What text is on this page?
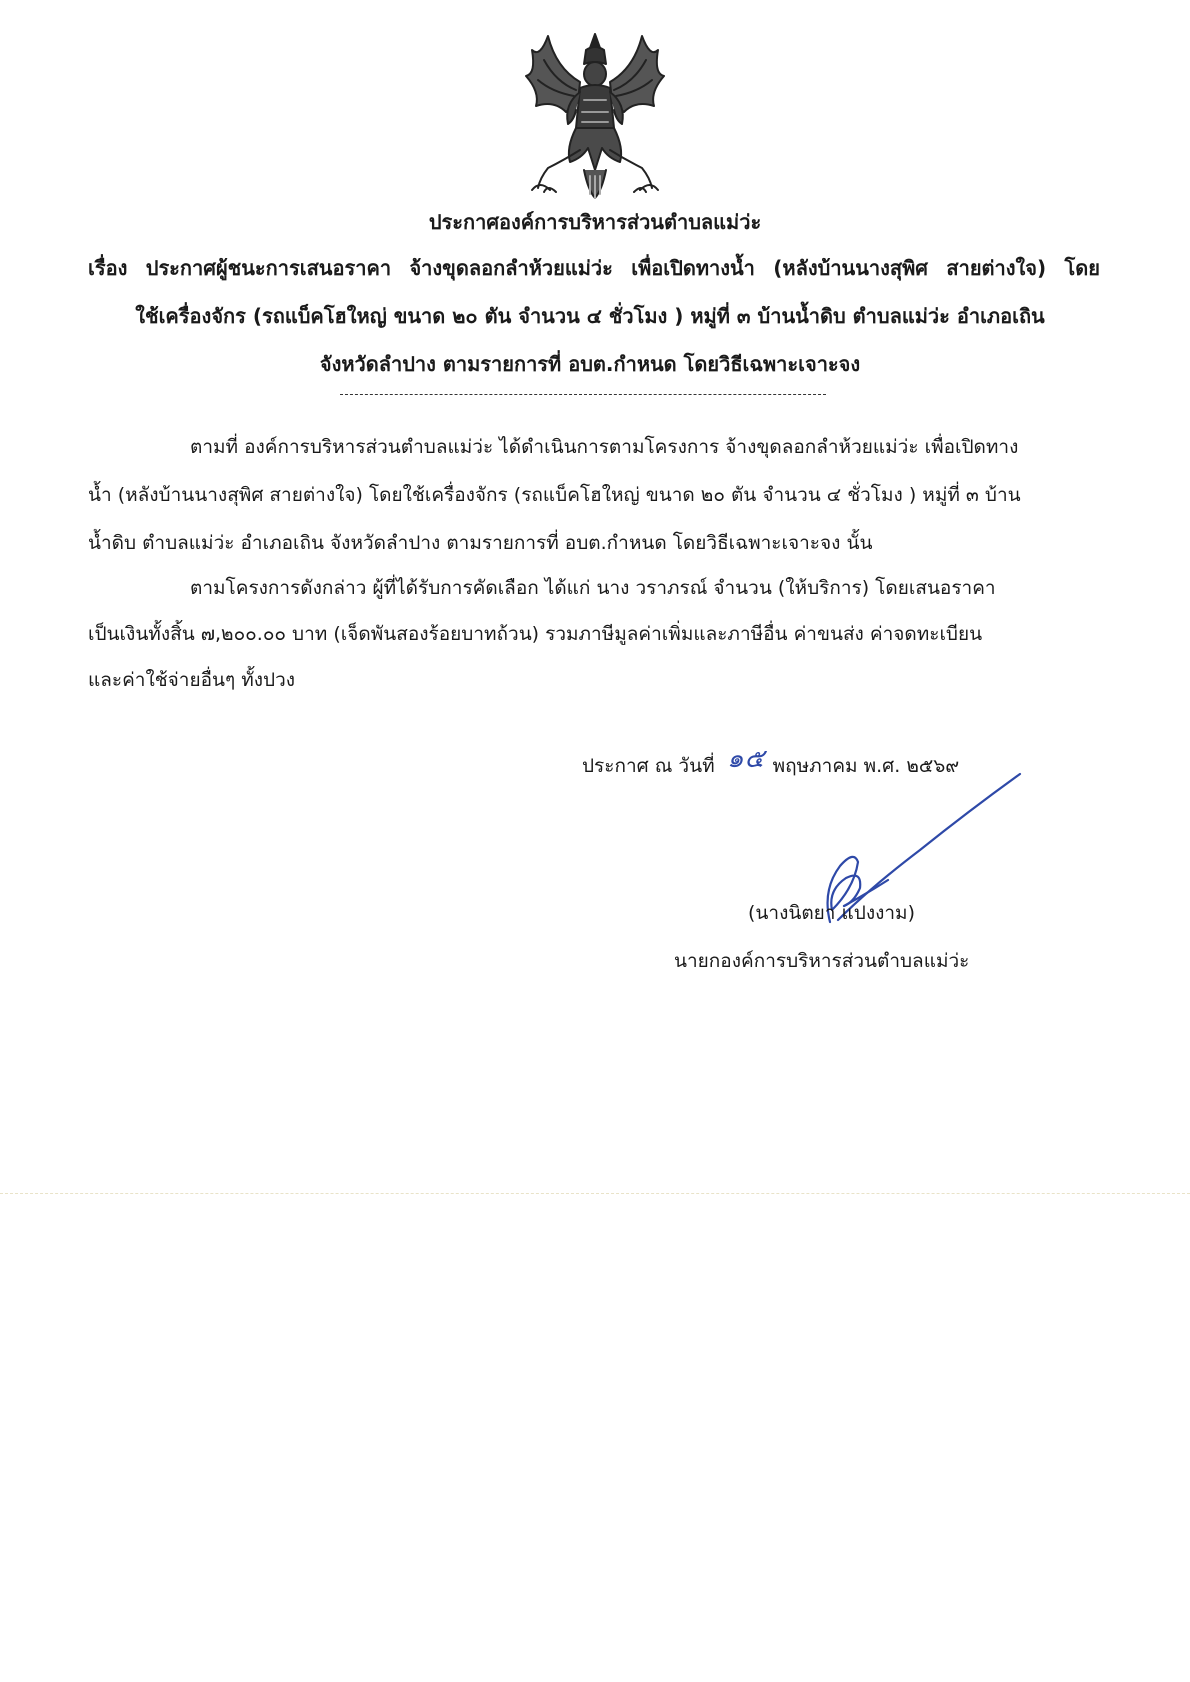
ประกาศองค์การบริหารส่วนตำบลแม่ว่ะ
เรื่อง ประกาศผู้ชนะการเสนอราคา จ้างขุดลอกลำห้วยแม่ว่ะ เพื่อเปิดทางน้ำ (หลังบ้านนางสุพิศ สายต่างใจ) โดย
ใช้เครื่องจักร (รถแบ็คโฮใหญ่ ขนาด ๒๐ ตัน จำนวน ๔ ชั่วโมง ) หมู่ที่ ๓ บ้านน้ำดิบ ตำบลแม่ว่ะ อำเภอเถิน
จังหวัดลำปาง ตามรายการที่ อบต.กำหนด โดยวิธีเฉพาะเจาะจง
ตามที่ องค์การบริหารส่วนตำบลแม่ว่ะ ได้ดำเนินการตามโครงการ จ้างขุดลอกลำห้วยแม่ว่ะ เพื่อเปิดทาง
น้ำ (หลังบ้านนางสุพิศ สายต่างใจ) โดยใช้เครื่องจักร (รถแบ็คโฮใหญ่ ขนาด ๒๐ ตัน จำนวน ๔ ชั่วโมง ) หมู่ที่ ๓ บ้าน
น้ำดิบ ตำบลแม่ว่ะ อำเภอเถิน จังหวัดลำปาง ตามรายการที่ อบต.กำหนด โดยวิธีเฉพาะเจาะจง นั้น
ตามโครงการดังกล่าว ผู้ที่ได้รับการคัดเลือก ได้แก่ นาง วราภรณ์ จำนวน (ให้บริการ) โดยเสนอราคา
เป็นเงินทั้งสิ้น ๗,๒๐๐.๐๐ บาท (เจ็ดพันสองร้อยบาทถ้วน) รวมภาษีมูลค่าเพิ่มและภาษีอื่น ค่าขนส่ง ค่าจดทะเบียน
และค่าใช้จ่ายอื่นๆ ทั้งปวง
ประกาศ ณ วันที่	พฤษภาคม พ.ศ. ๒๕๖๙
๑๕
(นางนิตยา แปงงาม)
นายกองค์การบริหารส่วนตำบลแม่ว่ะ
